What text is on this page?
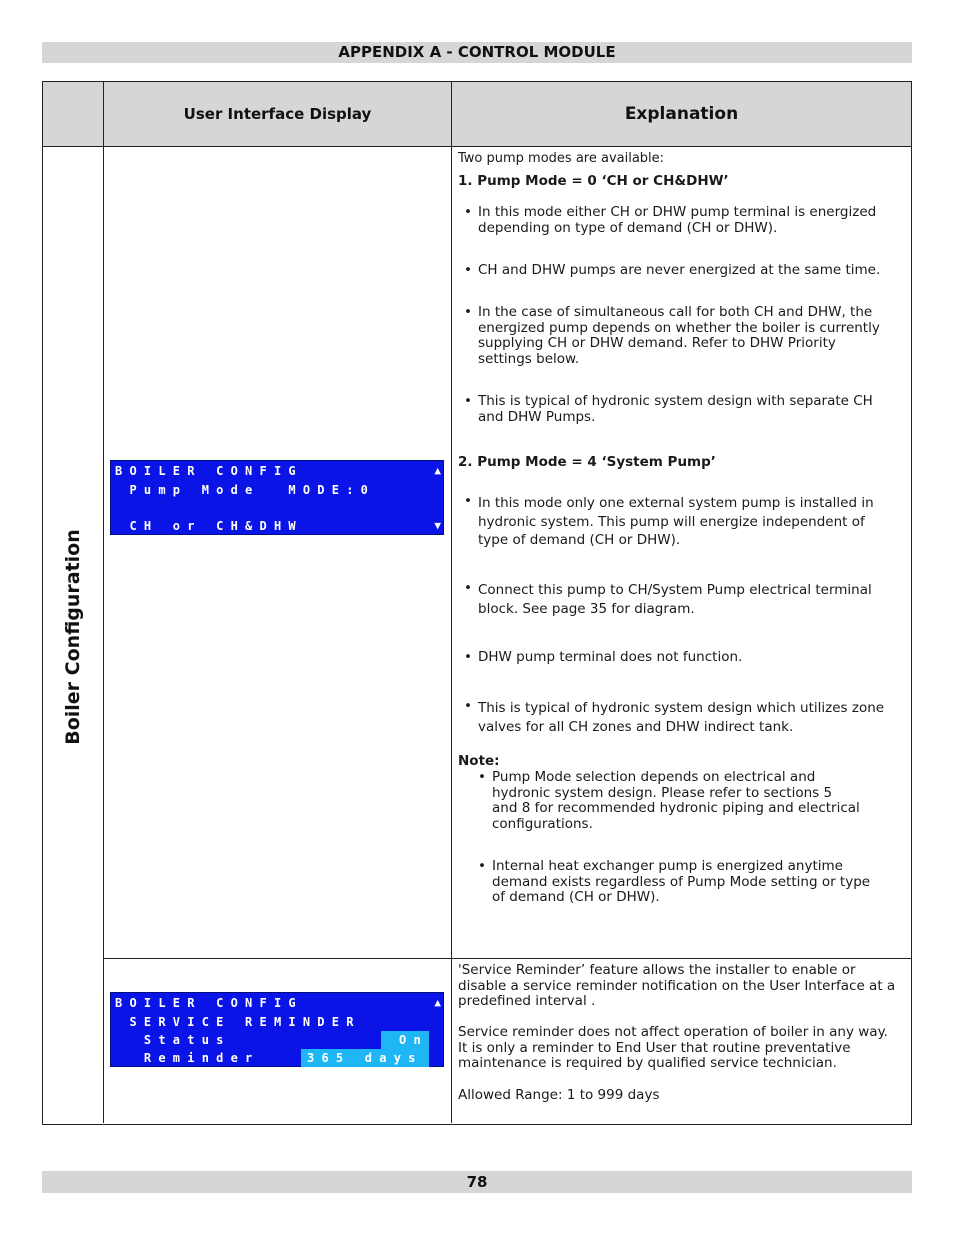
APPENDIX A - CONTROL MODULE
User Interface Display	Explanation
Boiler Configuration
B O I L E R   C O N F I G	▲
P u m p   M o d e     M O D E : 0
C H   o r   C H & D H W	▼
Two pump modes are available:
1. Pump Mode = 0 ‘CH or CH&DHW’
• In this mode either CH or DHW pump terminal is energized
depending on type of demand (CH or DHW).
• CH and DHW pumps are never energized at the same time.
• In the case of simultaneous call for both CH and DHW, the
energized pump depends on whether the boiler is currently
supplying CH or DHW demand. Refer to DHW Priority
settings below.
• This is typical of hydronic system design with separate CH
and DHW Pumps.
2. Pump Mode = 4 ‘System Pump’
• In this mode only one external system pump is installed in
hydronic system. This pump will energize independent of
type of demand (CH or DHW).
• Connect this pump to CH/System Pump electrical terminal
block. See page 35 for diagram.
• DHW pump terminal does not function.
• This is typical of hydronic system design which utilizes zone
valves for all CH zones and DHW indirect tank.
Note:
• Pump Mode selection depends on electrical and
hydronic system design. Please refer to sections 5
and 8 for recommended hydronic piping and electrical
configurations.
• Internal heat exchanger pump is energized anytime
demand exists regardless of Pump Mode setting or type
of demand (CH or DHW).
B O I L E R   C O N F I G	▲
S E R V I C E   R E M I N D E R
S t a t u s	O n
R e m i n d e r	3 6 5   d a y s
'Service Reminder’ feature allows the installer to enable or
disable a service reminder notification on the User Interface at a
predefined interval .
Service reminder does not affect operation of boiler in any way.
It is only a reminder to End User that routine preventative
maintenance is required by qualified service technician.
Allowed Range: 1 to 999 days
78
